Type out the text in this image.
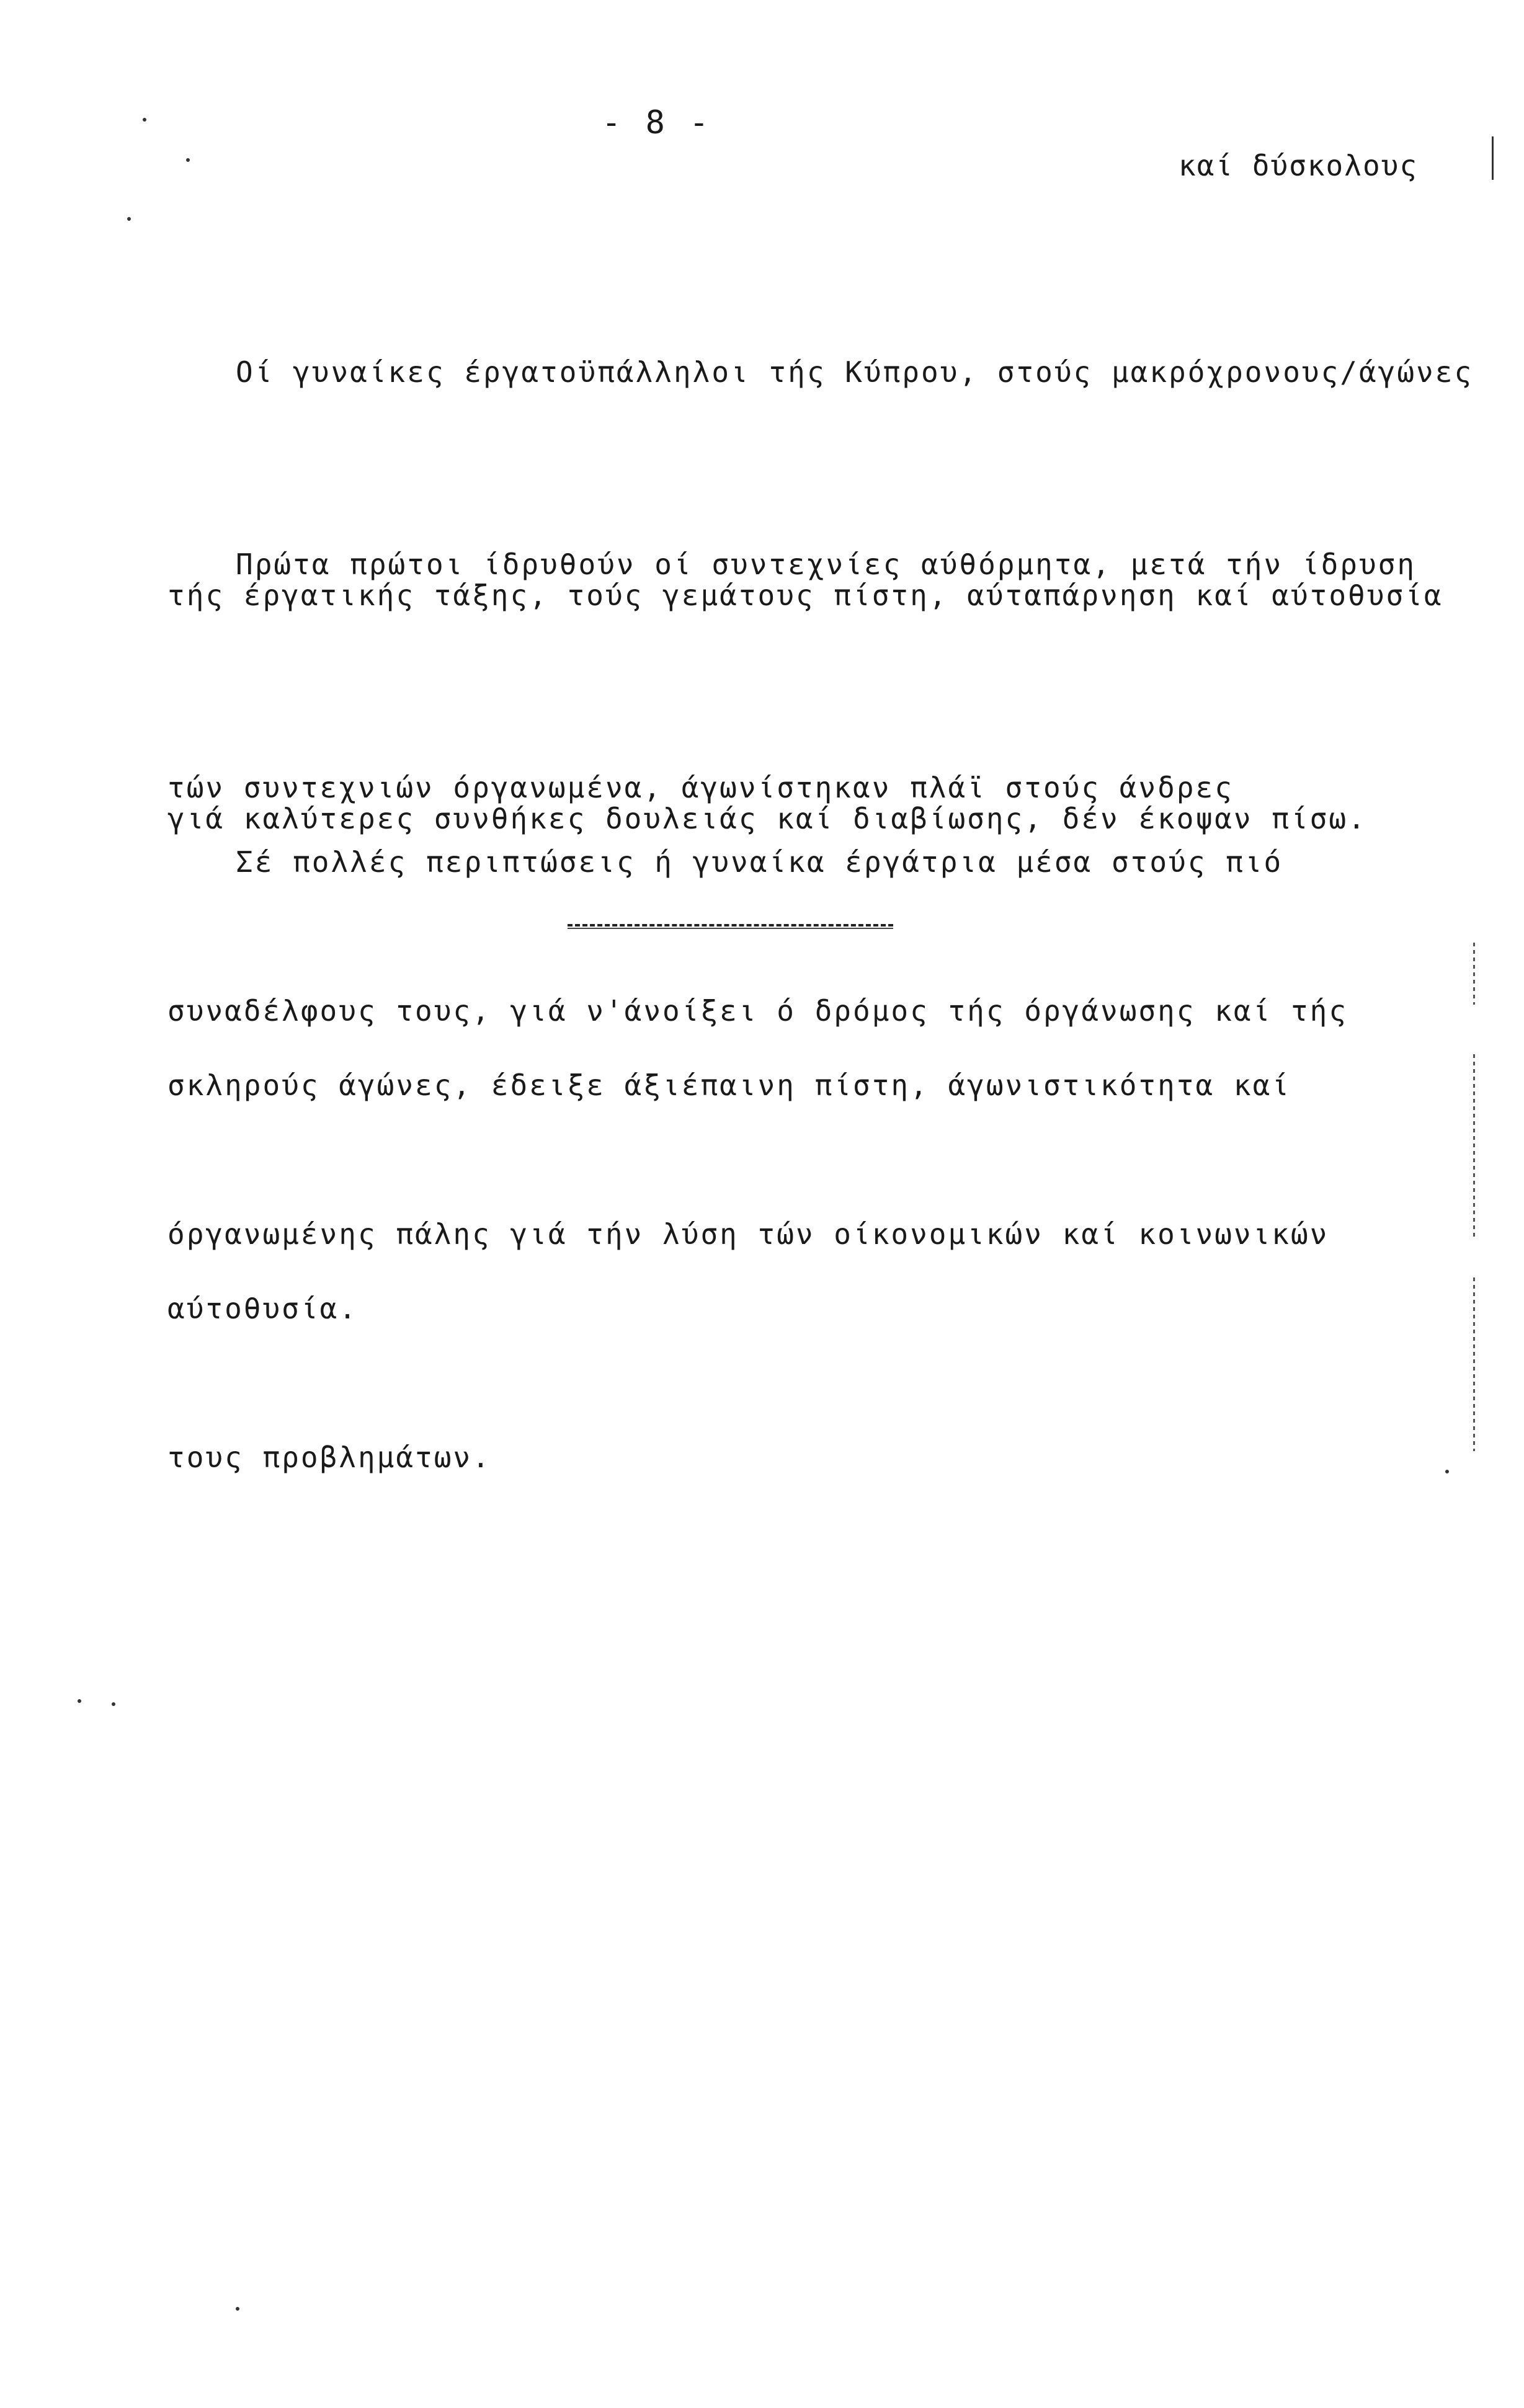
- 8 -
καί δύσκολους

Οί γυναίκες έργατοϋπάλληλοι τής Κύπρου, στούς μακρόχρονους/άγώνες

τής έργατικής τάξης, τούς γεμάτους πίστη, αύταπάρνηση καί αύτοθυσία

γιά καλύτερες συνθήκες δουλειάς καί διαβίωσης, δέν έκοψαν πίσω.

Πρώτα πρώτοι ίδρυθούν οί συντεχνίες αύθόρμητα, μετά τήν ίδρυση

τών συντεχνιών όργανωμένα, άγωνίστηκαν πλάϊ στούς άνδρες

συναδέλφους τους, γιά ν'άνοίξει ό δρόμος τής όργάνωσης καί τής

όργανωμένης πάλης γιά τήν λύση τών οίκονομικών καί κοινωνικών

τους προβλημάτων.

Σέ πολλές περιπτώσεις ή γυναίκα έργάτρια μέσα στούς πιό

σκληρούς άγώνες, έδειξε άξιέπαινη πίστη, άγωνιστικότητα καί

αύτοθυσία.
